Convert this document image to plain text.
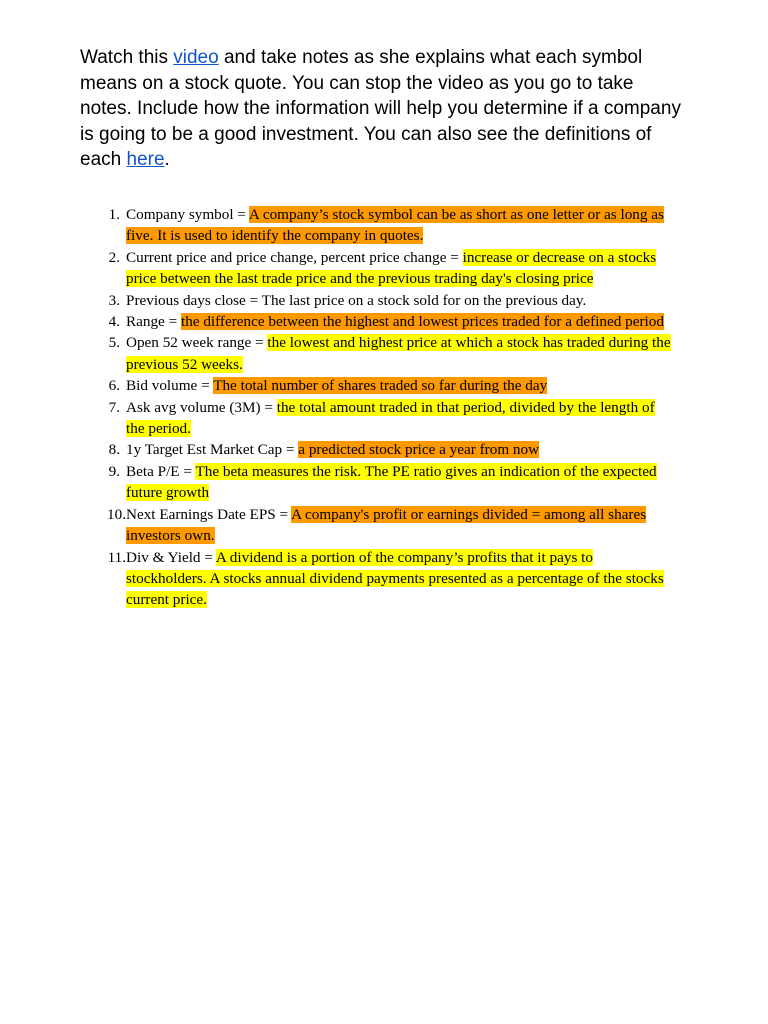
Watch this video and take notes as she explains what each symbol means on a stock quote. You can stop the video as you go to take notes. Include how the information will help you determine if a company is going to be a good investment. You can also see the definitions of each here.

1. Company symbol = A company’s stock symbol can be as short as one letter or as long as five. It is used to identify the company in quotes.
2. Current price and price change, percent price change = increase or decrease on a stocks price between the last trade price and the previous trading day's closing price
3. Previous days close = The last price on a stock sold for on the previous day.
4. Range = the difference between the highest and lowest prices traded for a defined period
5. Open 52 week range = the lowest and highest price at which a stock has traded during the previous 52 weeks.
6. Bid volume = The total number of shares traded so far during the day
7. Ask avg volume (3M) = the total amount traded in that period, divided by the length of the period.
8. 1y Target Est Market Cap = a predicted stock price a year from now
9. Beta P/E = The beta measures the risk. The PE ratio gives an indication of the expected future growth
10. Next Earnings Date EPS = A company's profit or earnings divided = among all shares investors own.
11. Div & Yield = A dividend is a portion of the company’s profits that it pays to stockholders. A stocks annual dividend payments presented as a percentage of the stocks current price.
